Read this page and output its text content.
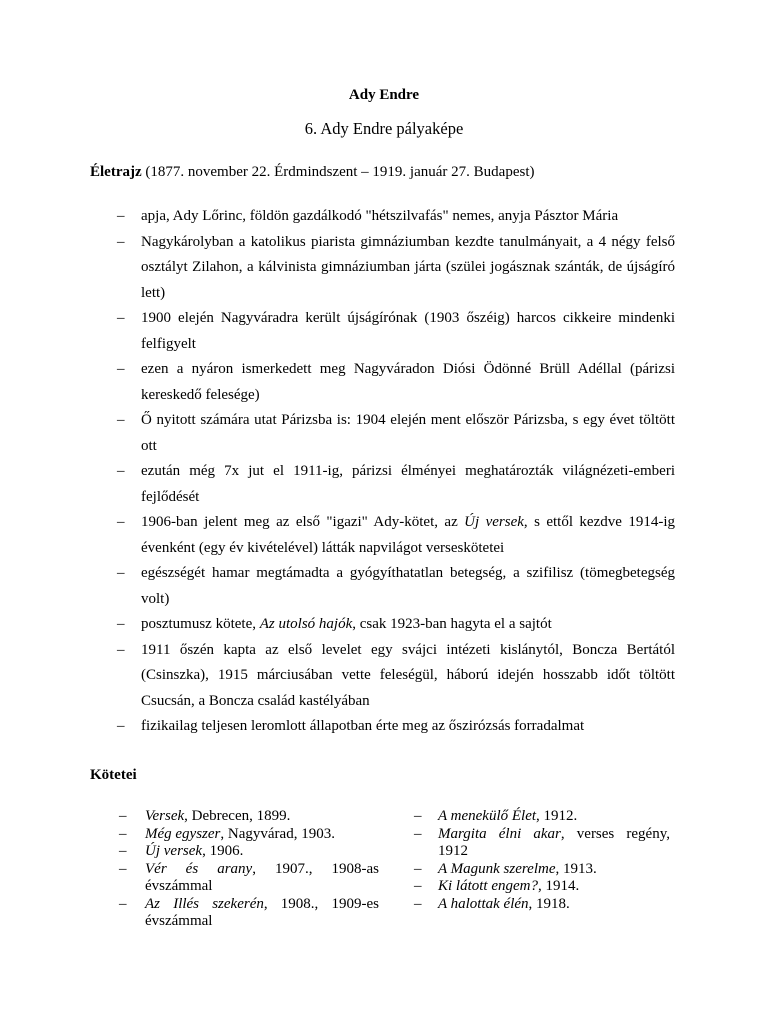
Ady Endre
6. Ady Endre pályaképe
Életrajz (1877. november 22. Érdmindszent – 1919. január 27. Budapest)
– apja, Ady Lőrinc, földön gazdálkodó "hétszilvafás" nemes, anyja Pásztor Mária
– Nagykárolyban a katolikus piarista gimnáziumban kezdte tanulmányait, a 4 négy felső osztályt Zilahon, a kálvinista gimnáziumban járta (szülei jogásznak szánták, de újságíró lett)
– 1900 elején Nagyváradra került újságírónak (1903 őszéig) harcos cikkeire mindenki felfigyelt
– ezen a nyáron ismerkedett meg Nagyváradon Diósi Ödönné Brüll Adéllal (párizsi kereskedő felesége)
– Ő nyitott számára utat Párizsba is: 1904 elején ment először Párizsba, s egy évet töltött ott
– ezután még 7x jut el 1911-ig, párizsi élményei meghatározták világnézeti-emberi fejlődését
– 1906-ban jelent meg az első "igazi" Ady-kötet, az Új versek, s ettől kezdve 1914-ig évenként (egy év kivételével) látták napvilágot verseskötetei
– egészségét hamar megtámadta a gyógyíthatatlan betegség, a szifilisz (tömegbetegség volt)
– posztumusz kötete, Az utolsó hajók, csak 1923-ban hagyta el a sajtót
– 1911 őszén kapta az első levelet egy svájci intézeti kislánytól, Boncza Bertától (Csinszka), 1915 márciusában vette feleségül, háború idején hosszabb időt töltött Csucsán, a Boncza család kastélyában
– fizikailag teljesen leromlott állapotban érte meg az őszirózsás forradalmat
Kötetei
– Versek, Debrecen, 1899.
– Még egyszer, Nagyvárad, 1903.
– Új versek, 1906.
– Vér és arany, 1907., 1908-as évszámmal
– Az Illés szekerén, 1908., 1909-es évszámmal
– A menekülő Élet, 1912.
– Margita élni akar, verses regény, 1912
– A Magunk szerelme, 1913.
– Ki látott engem?, 1914.
– A halottak élén, 1918.
